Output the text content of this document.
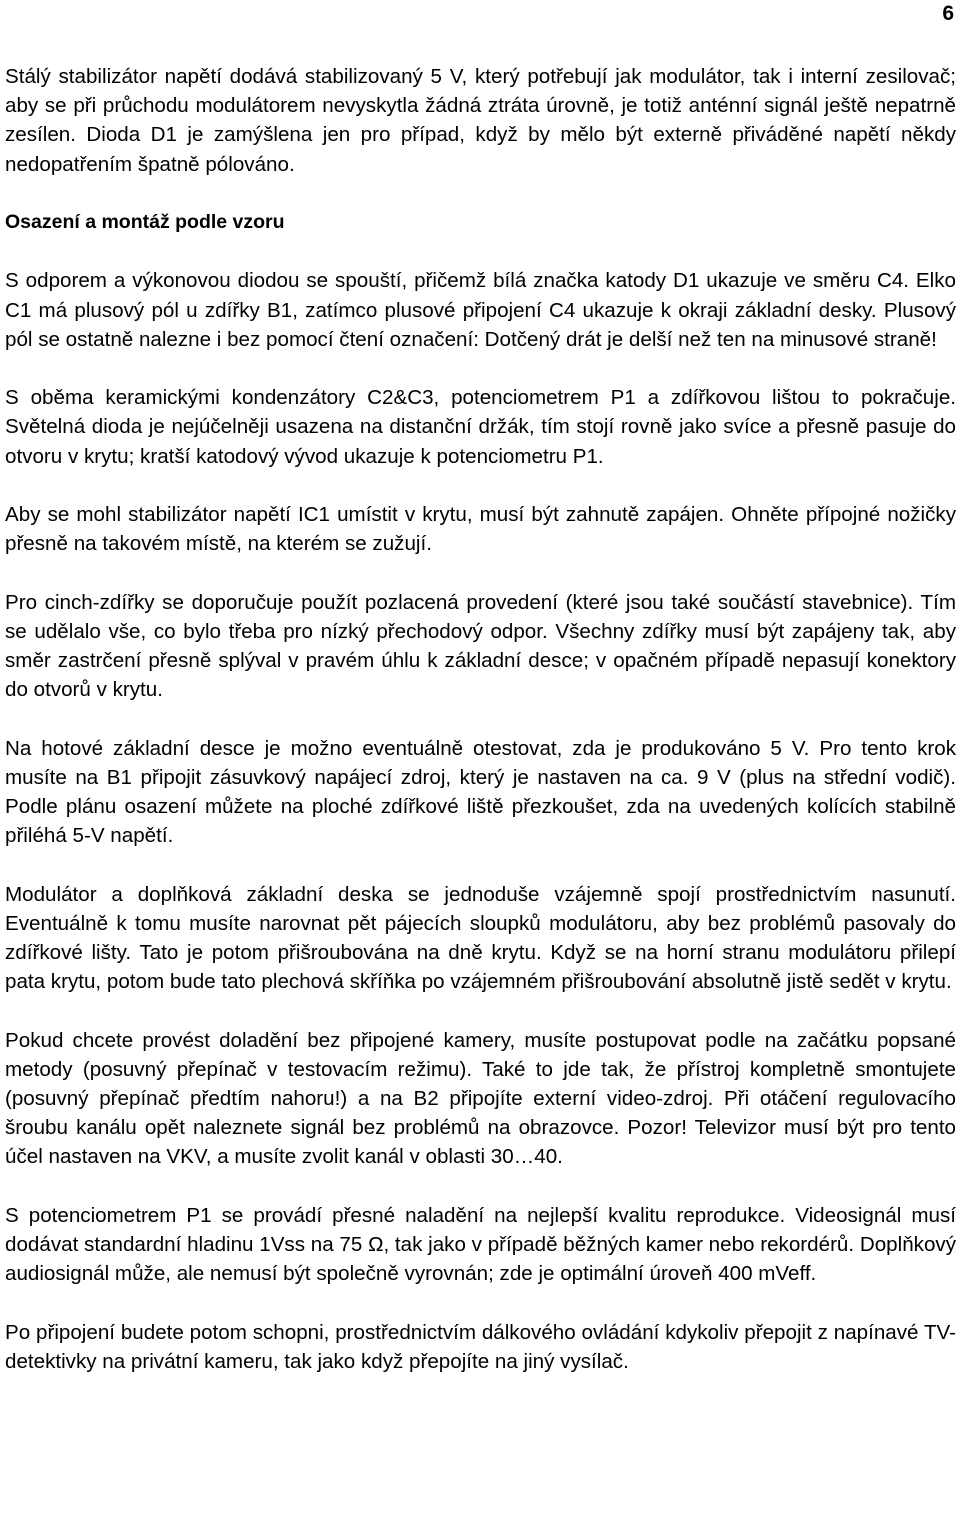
6

Stálý stabilizátor napětí dodává stabilizovaný 5 V, který potřebují jak modulátor, tak i interní zesilovač; aby se při průchodu modulátorem nevyskytla žádná ztráta úrovně, je totiž anténní signál ještě nepatrně zesílen. Dioda D1 je zamýšlena jen pro případ, když by mělo být externě přiváděné napětí někdy nedopatřením špatně pólováno.

Osazení a montáž podle vzoru

S odporem a výkonovou diodou se spouští, přičemž bílá značka katody D1 ukazuje ve směru C4. Elko C1 má plusový pól u zdířky B1, zatímco plusové připojení C4 ukazuje k okraji základní desky. Plusový pól se ostatně nalezne i bez pomocí čtení označení: Dotčený drát je delší než ten na minusové straně!

S oběma keramickými kondenzátory C2&C3, potenciometrem P1 a zdířkovou lištou to pokračuje. Světelná dioda je nejúčelněji usazena na distanční držák, tím stojí rovně jako svíce a přesně pasuje do otvoru v krytu; kratší katodový vývod ukazuje k potenciometru P1.

Aby se mohl stabilizátor napětí IC1 umístit v krytu, musí být zahnutě zapájen. Ohněte přípojné nožičky přesně na takovém místě, na kterém se zužují.

Pro cinch-zdířky se doporučuje použít pozlacená provedení (které jsou také součástí stavebnice). Tím se udělalo vše, co bylo třeba pro nízký přechodový odpor. Všechny zdířky musí být zapájeny tak, aby směr zastrčení přesně splýval v pravém úhlu k základní desce; v opačném případě nepasují konektory do otvorů v krytu.

Na hotové základní desce je možno eventuálně otestovat, zda je produkováno 5 V. Pro tento krok musíte na B1 připojit zásuvkový napájecí zdroj, který je nastaven na ca. 9 V (plus na střední vodič). Podle plánu osazení můžete na ploché zdířkové liště přezkoušet, zda na uvedených kolících stabilně přiléhá 5-V napětí.

Modulátor a doplňková základní deska se jednoduše vzájemně spojí prostřednictvím nasunutí. Eventuálně k tomu musíte narovnat pět pájecích sloupků modulátoru, aby bez problémů pasovaly do zdířkové lišty. Tato je potom přišroubována na dně krytu. Když se na horní stranu modulátoru přilepí pata krytu, potom bude tato plechová skříňka po vzájemném přišroubování absolutně jistě sedět v krytu.

Pokud chcete provést doladění bez připojené kamery, musíte postupovat podle na začátku popsané metody (posuvný přepínač v testovacím režimu). Také to jde tak, že přístroj kompletně smontujete (posuvný přepínač předtím nahoru!) a na B2 připojíte externí video-zdroj. Při otáčení regulovacího šroubu kanálu opět naleznete signál bez problémů na obrazovce. Pozor! Televizor musí být pro tento účel nastaven na VKV, a musíte zvolit kanál v oblasti 30…40.

S potenciometrem P1 se provádí přesné naladění na nejlepší kvalitu reprodukce. Videosignál musí dodávat standardní hladinu 1Vss na 75 Ω, tak jako v případě běžných kamer nebo rekordérů. Doplňkový audiosignál může, ale nemusí být společně vyrovnán; zde je optimální úroveň 400 mVeff.

Po připojení budete potom schopni, prostřednictvím dálkového ovládání kdykoliv přepojit z napínavé TV-detektivky na privátní kameru, tak jako když přepojíte na jiný vysílač.
